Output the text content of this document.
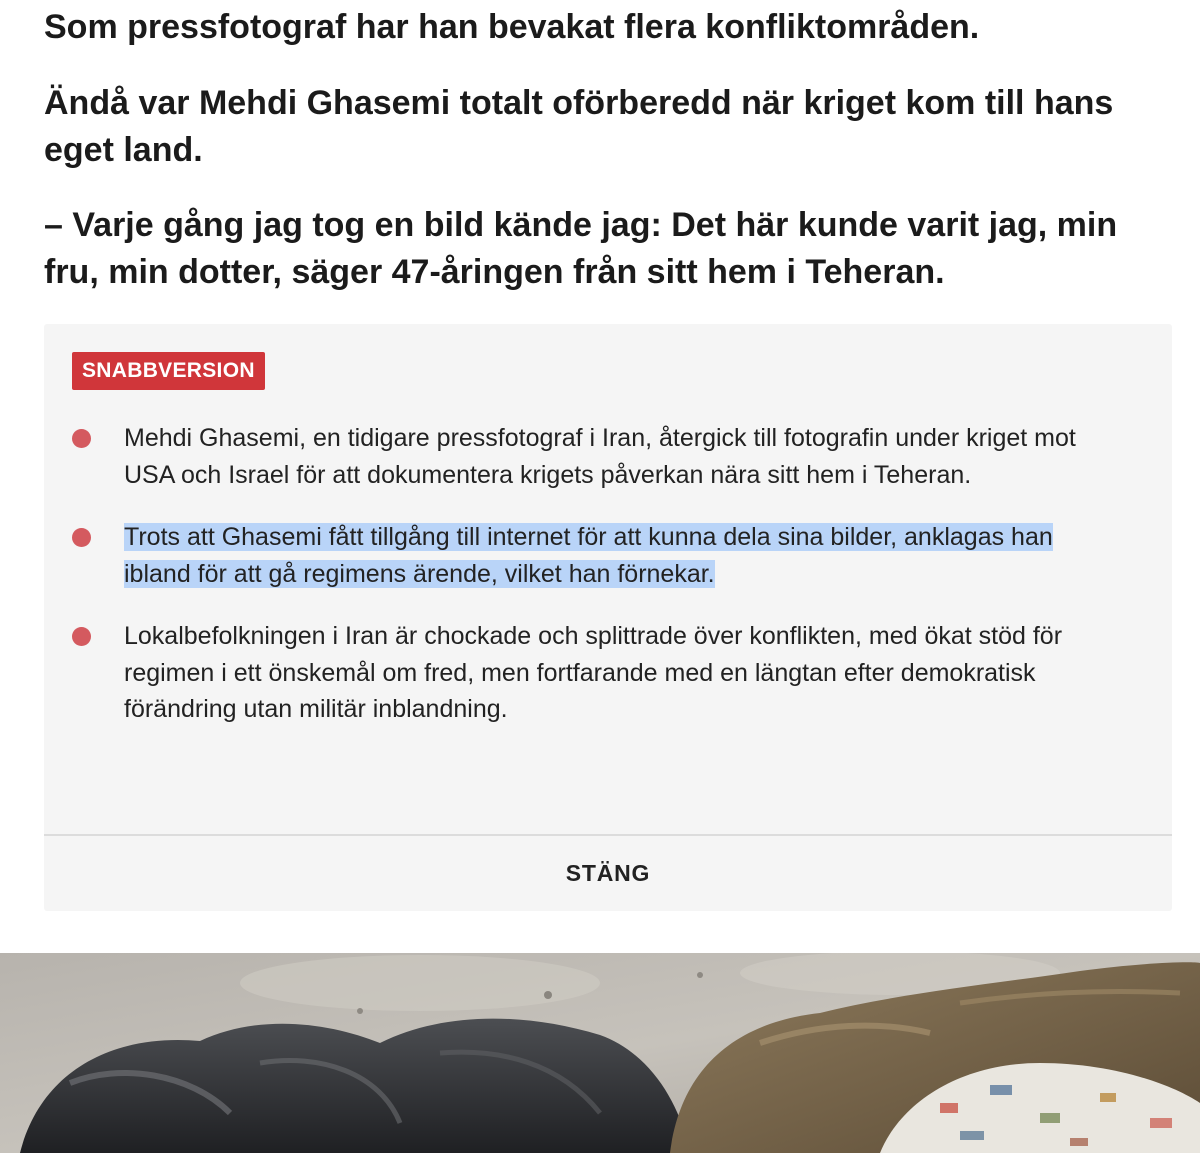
Som pressfotograf har han bevakat flera konfliktområden.

Ändå var Mehdi Ghasemi totalt oförberedd när kriget kom till hans eget land.

– Varje gång jag tog en bild kände jag: Det här kunde varit jag, min fru, min dotter, säger 47-åringen från sitt hem i Teheran.

SNABBVERSION
Mehdi Ghasemi, en tidigare pressfotograf i Iran, återgick till fotografin under kriget mot USA och Israel för att dokumentera krigets påverkan nära sitt hem i Teheran.
Trots att Ghasemi fått tillgång till internet för att kunna dela sina bilder, anklagas han ibland för att gå regimens ärende, vilket han förnekar.
Lokalbefolkningen i Iran är chockade och splittrade över konflikten, med ökat stöd för regimen i ett önskemål om fred, men fortfarande med en längtan efter demokratisk förändring utan militär inblandning.
STÄNG
